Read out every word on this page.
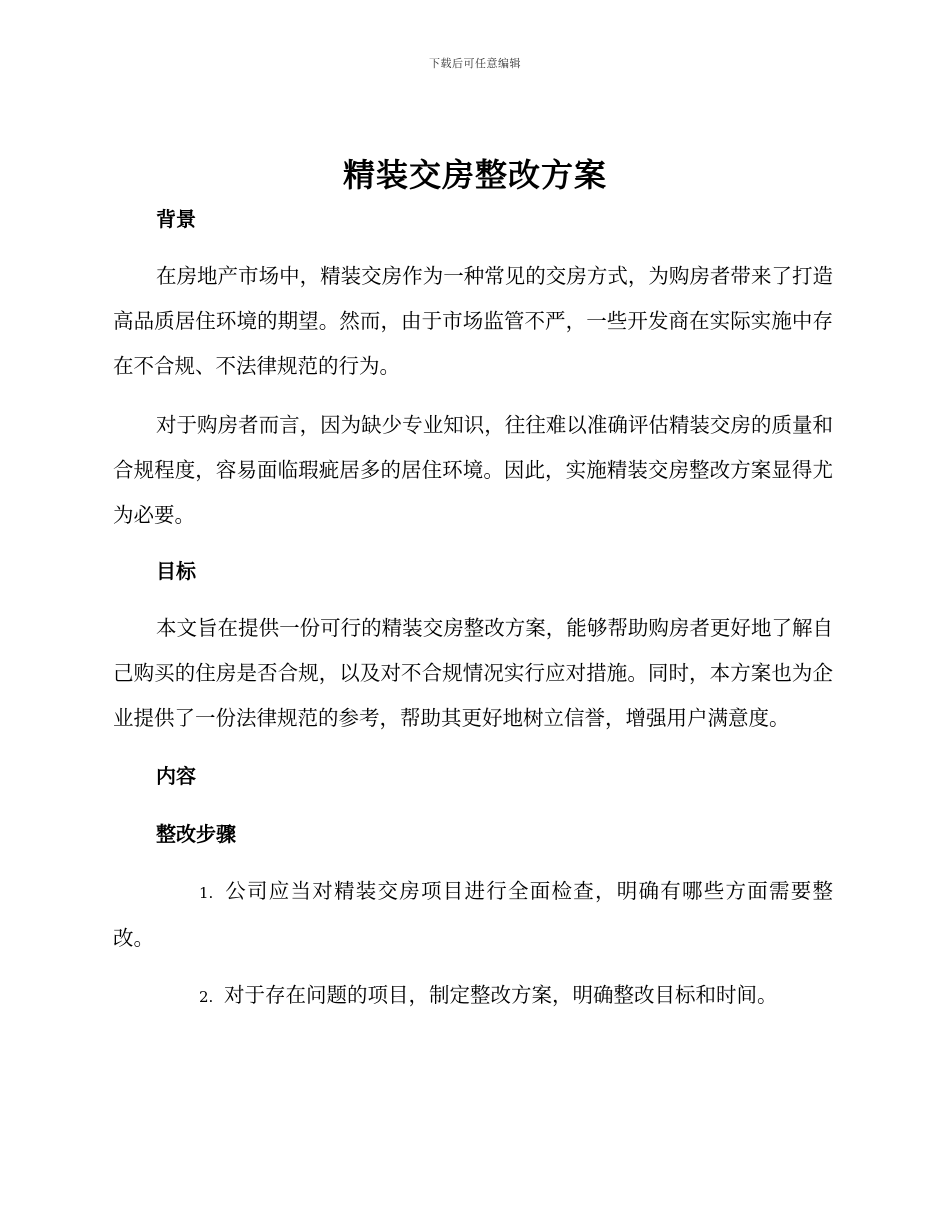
下载后可任意编辑
精装交房整改方案
背景

在房地产市场中，精装交房作为一种常见的交房方式，为购房者带来了打造高品质居住环境的期望。然而，由于市场监管不严，一些开发商在实际实施中存在不合规、不法律规范的行为。

对于购房者而言，因为缺少专业知识，往往难以准确评估精装交房的质量和合规程度，容易面临瑕疵居多的居住环境。因此，实施精装交房整改方案显得尤为必要。

目标

本文旨在提供一份可行的精装交房整改方案，能够帮助购房者更好地了解自己购买的住房是否合规，以及对不合规情况实行应对措施。同时，本方案也为企业提供了一份法律规范的参考，帮助其更好地树立信誉，增强用户满意度。

内容
整改步骤

1. 公司应当对精装交房项目进行全面检查，明确有哪些方面需要整改。

2. 对于存在问题的项目，制定整改方案，明确整改目标和时间。
